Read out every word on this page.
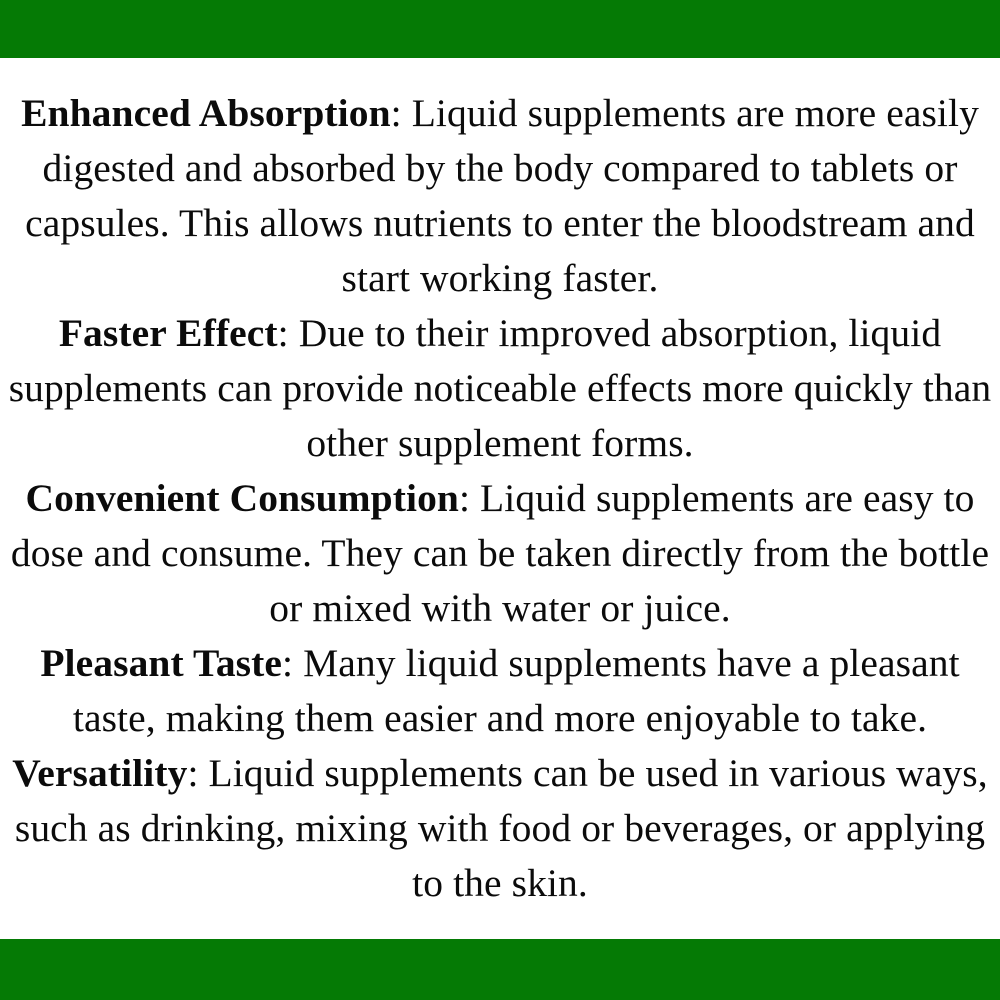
Enhanced Absorption: Liquid supplements are more easily digested and absorbed by the body compared to tablets or capsules. This allows nutrients to enter the bloodstream and start working faster.

Faster Effect: Due to their improved absorption, liquid supplements can provide noticeable effects more quickly than other supplement forms.

Convenient Consumption: Liquid supplements are easy to dose and consume. They can be taken directly from the bottle or mixed with water or juice.

Pleasant Taste: Many liquid supplements have a pleasant taste, making them easier and more enjoyable to take.

Versatility: Liquid supplements can be used in various ways, such as drinking, mixing with food or beverages, or applying to the skin.
